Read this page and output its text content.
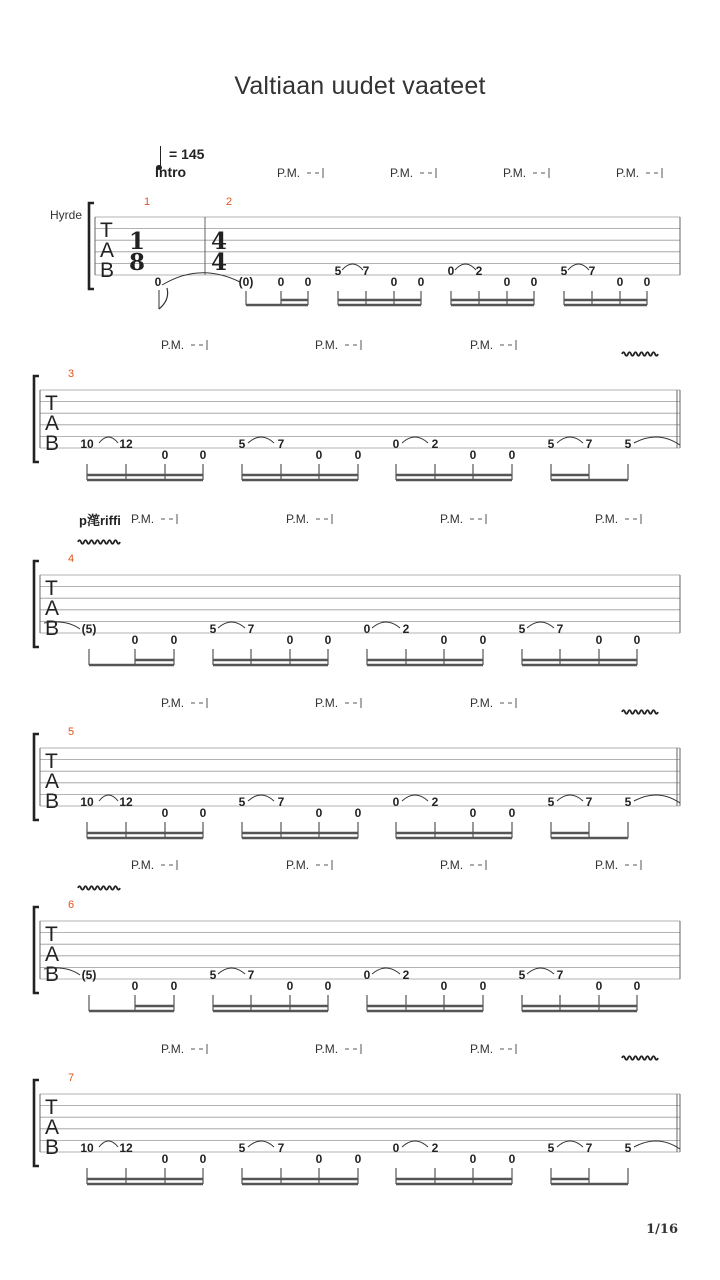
Valtiaan uudet vaateet
= 145
Intro
p滗riffi
Hyrde
1/16
T
A
B
1	2
1
8
4
4
0	(0) 0 0
5 7
0 0
0 2
0 0
5 7
0 0
P.M.	P.M.	P.M.	P.M.
T
A
B
3
10 12
0	0
5	7
0	0
0	2
0	0
5	7	5
P.M.	P.M.	P.M.
T
A
B
4
(5)
0	0
5	7
0	0
0	2
0	0
5	7
0	0
P.M.	P.M.	P.M.	P.M.
T
A
B
5
10 12
0	0
5	7
0	0
0	2
0	0
5	7	5
P.M.	P.M.	P.M.
T
A
B
6
(5)
0	0
5	7
0	0
0	2
0	0
5	7
0	0
P.M.	P.M.	P.M.	P.M.
T
A
B
7
10 12
0	0
5	7
0	0
0	2
0	0
5	7	5
P.M.	P.M.	P.M.
